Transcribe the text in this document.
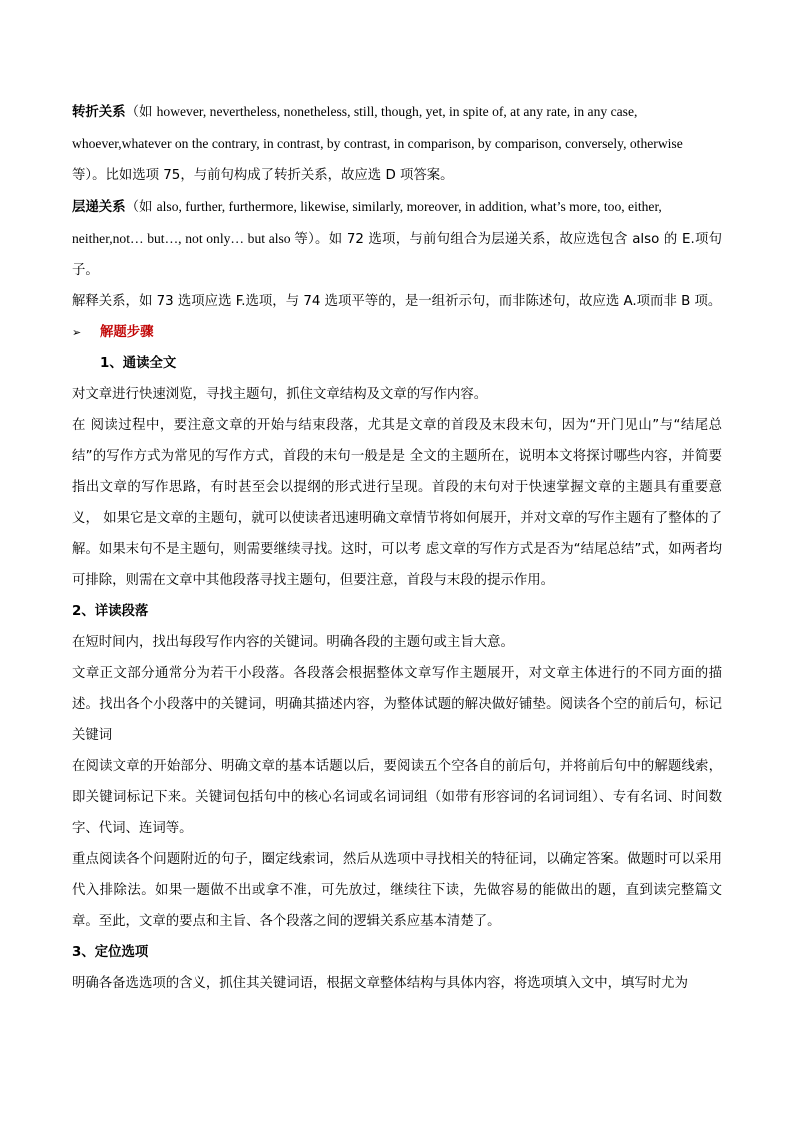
转折关系（如 however, nevertheless, nonetheless, still, though, yet, in spite of, at any rate, in any case,
whoever,whatever on the contrary, in contrast, by contrast, in comparison, by comparison, conversely, otherwise
等）。比如选项 75，与前句构成了转折关系，故应选 D 项答案。

层递关系（如 also, further, furthermore, likewise, similarly, moreover, in addition, what’s more, too, either,
neither,not… but…, not only… but also 等）。如 72 选项，与前句组合为层递关系，故应选包含 also 的 E.项句子。

解释关系，如 73 选项应选 F.选项，与 74 选项平等的，是一组祈示句，而非陈述句，故应选 A.项而非 B 项。

➢	解题步骤

1、通读全文

对文章进行快速浏览，寻找主题句，抓住文章结构及文章的写作内容。

在 阅读过程中，要注意文章的开始与结束段落，尤其是文章的首段及末段末句，因为“开门见山”与“结尾总结”的写作方式为常见的写作方式，首段的末句一般是是 全文的主题所在，说明本文将探讨哪些内容，并简要指出文章的写作思路，有时甚至会以提纲的形式进行呈现。首段的末句对于快速掌握文章的主题具有重要意义， 如果它是文章的主题句，就可以使读者迅速明确文章情节将如何展开，并对文章的写作主题有了整体的了解。如果末句不是主题句，则需要继续寻找。这时，可以考 虑文章的写作方式是否为“结尾总结”式，如两者均可排除，则需在文章中其他段落寻找主题句，但要注意，首段与末段的提示作用。

2、详读段落

在短时间内，找出每段写作内容的关键词。明确各段的主题句或主旨大意。

文章正文部分通常分为若干小段落。各段落会根据整体文章写作主题展开，对文章主体进行的不同方面的描述。找出各个小段落中的关键词，明确其描述内容，为整体试题的解决做好铺垫。阅读各个空的前后句，标记关键词

在阅读文章的开始部分、明确文章的基本话题以后，要阅读五个空各自的前后句，并将前后句中的解题线索，即关键词标记下来。关键词包括句中的核心名词或名词词组（如带有形容词的名词词组）、专有名词、时间数字、代词、连词等。

重点阅读各个问题附近的句子，圈定线索词，然后从选项中寻找相关的特征词，以确定答案。做题时可以采用代入排除法。如果一题做不出或拿不准，可先放过，继续往下读，先做容易的能做出的题，直到读完整篇文章。至此，文章的要点和主旨、各个段落之间的逻辑关系应基本清楚了。

3、定位选项

明确各备选选项的含义，抓住其关键词语，根据文章整体结构与具体内容，将选项填入文中，填写时尤为
